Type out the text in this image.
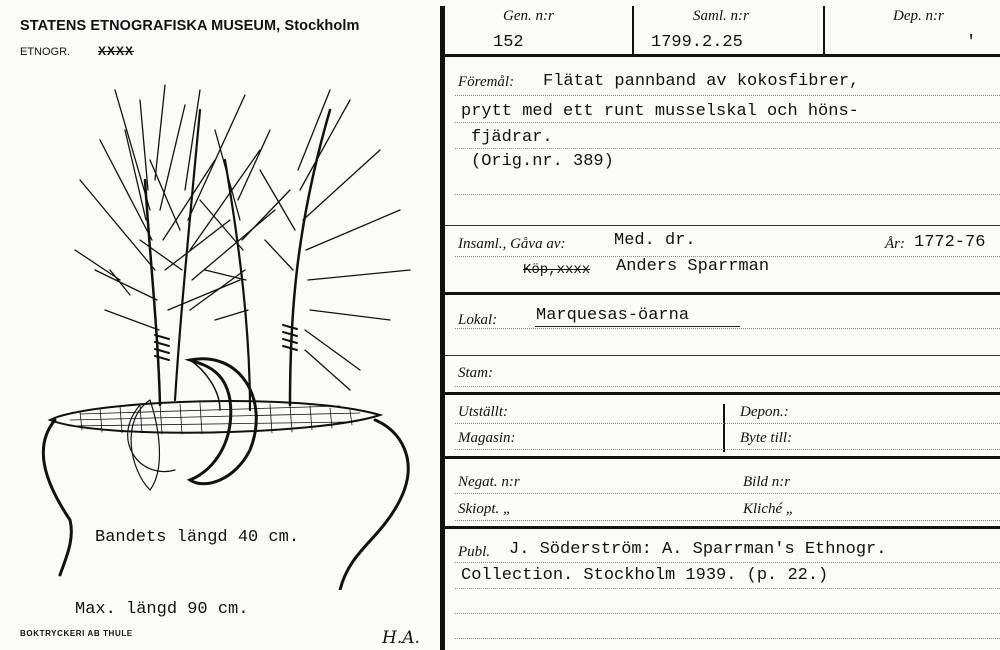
STATENS ETNOGRAFISKA MUSEUM, Stockholm
ETNOGR. XXXX
Bandets längd 40 cm.
Max. längd 90 cm.
BOKTRYCKERI AB THULE	H.A.
Gen. n:r
152
Saml. n:r
1799.2.25
Dep. n:r
'
Föremål: Flätat pannband av kokosfibrer,
prytt med ett runt musselskal och höns-
fjädrar.
(Orig.nr. 389)
Insaml., Gåva av:	Med. dr.
Köp,xxxx Anders Sparrman
År: 1772-76
Lokal: Marquesas-öarna
Stam:
Utställt:
Magasin:
Depon.:
Byte till:
Negat. n:r
Skiopt. „
Bild n:r
Kliché „
Publ. J. Söderström: A. Sparrman's Ethnogr.
Collection. Stockholm 1939. (p. 22.)
